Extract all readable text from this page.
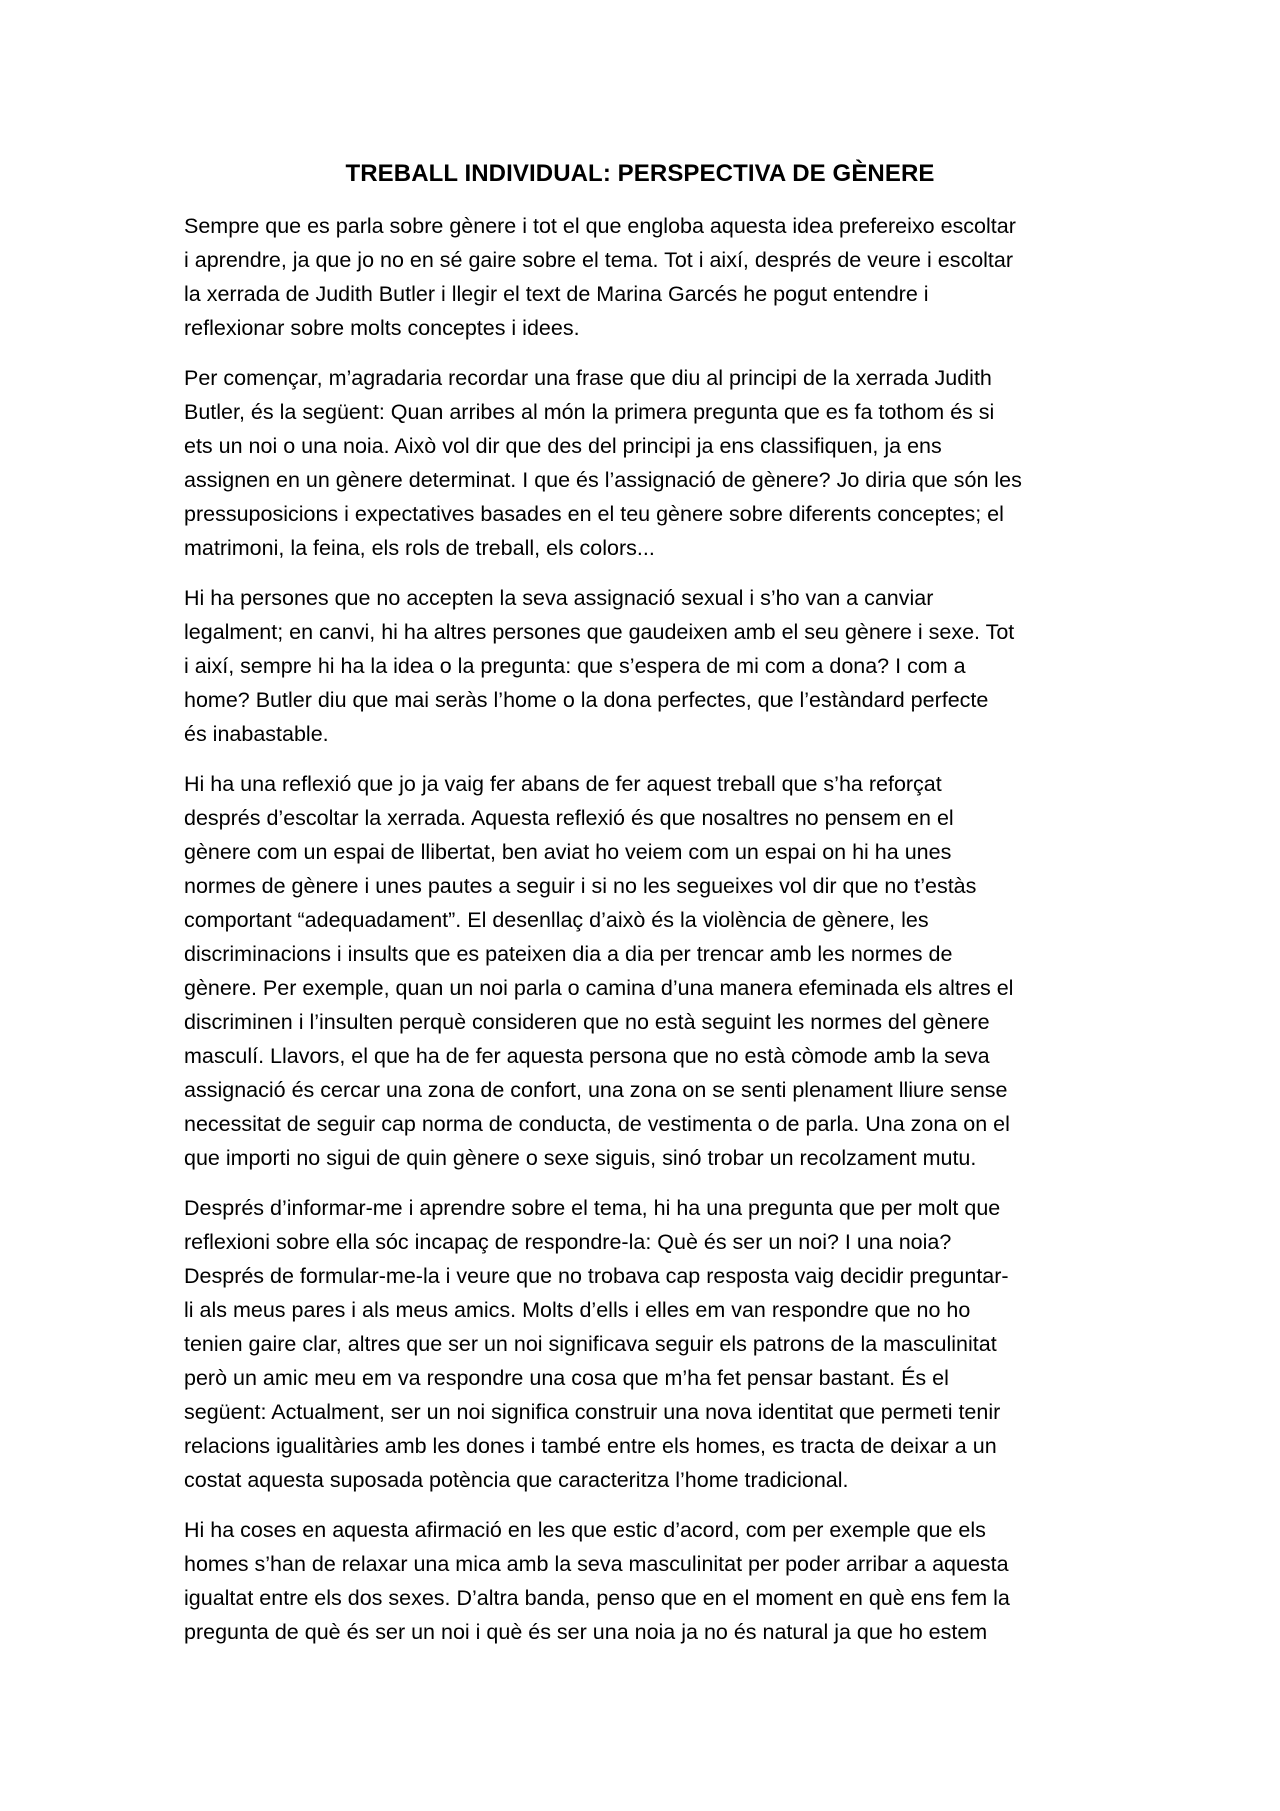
TREBALL INDIVIDUAL: PERSPECTIVA DE GÈNERE

Sempre que es parla sobre gènere i tot el que engloba aquesta idea prefereixo escoltar
i aprendre, ja que jo no en sé gaire sobre el tema. Tot i així, després de veure i escoltar
la xerrada de Judith Butler i llegir el text de Marina Garcés he pogut entendre i
reflexionar sobre molts conceptes i idees.

Per començar, m’agradaria recordar una frase que diu al principi de la xerrada Judith
Butler, és la següent: Quan arribes al món la primera pregunta que es fa tothom és si
ets un noi o una noia. Això vol dir que des del principi ja ens classifiquen, ja ens
assignen en un gènere determinat. I que és l’assignació de gènere? Jo diria que són les
pressuposicions i expectatives basades en el teu gènere sobre diferents conceptes; el
matrimoni, la feina, els rols de treball, els colors...

Hi ha persones que no accepten la seva assignació sexual i s’ho van a canviar
legalment; en canvi, hi ha altres persones que gaudeixen amb el seu gènere i sexe. Tot
i així, sempre hi ha la idea o la pregunta: que s’espera de mi com a dona? I com a
home? Butler diu que mai seràs l’home o la dona perfectes, que l’estàndard perfecte
és inabastable.

Hi ha una reflexió que jo ja vaig fer abans de fer aquest treball que s’ha reforçat
després d’escoltar la xerrada. Aquesta reflexió és que nosaltres no pensem en el
gènere com un espai de llibertat, ben aviat ho veiem com un espai on hi ha unes
normes de gènere i unes pautes a seguir i si no les segueixes vol dir que no t’estàs
comportant “adequadament”. El desenllaç d’això és la violència de gènere, les
discriminacions i insults que es pateixen dia a dia per trencar amb les normes de
gènere. Per exemple, quan un noi parla o camina d’una manera efeminada els altres el
discriminen i l’insulten perquè consideren que no està seguint les normes del gènere
masculí. Llavors, el que ha de fer aquesta persona que no està còmode amb la seva
assignació és cercar una zona de confort, una zona on se senti plenament lliure sense
necessitat de seguir cap norma de conducta, de vestimenta o de parla. Una zona on el
que importi no sigui de quin gènere o sexe siguis, sinó trobar un recolzament mutu.

Després d’informar-me i aprendre sobre el tema, hi ha una pregunta que per molt que
reflexioni sobre ella sóc incapaç de respondre-la: Què és ser un noi? I una noia?
Després de formular-me-la i veure que no trobava cap resposta vaig decidir preguntar-
li als meus pares i als meus amics. Molts d’ells i elles em van respondre que no ho
tenien gaire clar, altres que ser un noi significava seguir els patrons de la masculinitat
però un amic meu em va respondre una cosa que m’ha fet pensar bastant. És el
següent: Actualment, ser un noi significa construir una nova identitat que permeti tenir
relacions igualitàries amb les dones i també entre els homes, es tracta de deixar a un
costat aquesta suposada potència que caracteritza l’home tradicional.

Hi ha coses en aquesta afirmació en les que estic d’acord, com per exemple que els
homes s’han de relaxar una mica amb la seva masculinitat per poder arribar a aquesta
igualtat entre els dos sexes. D’altra banda, penso que en el moment en què ens fem la
pregunta de què és ser un noi i què és ser una noia ja no és natural ja que ho estem
